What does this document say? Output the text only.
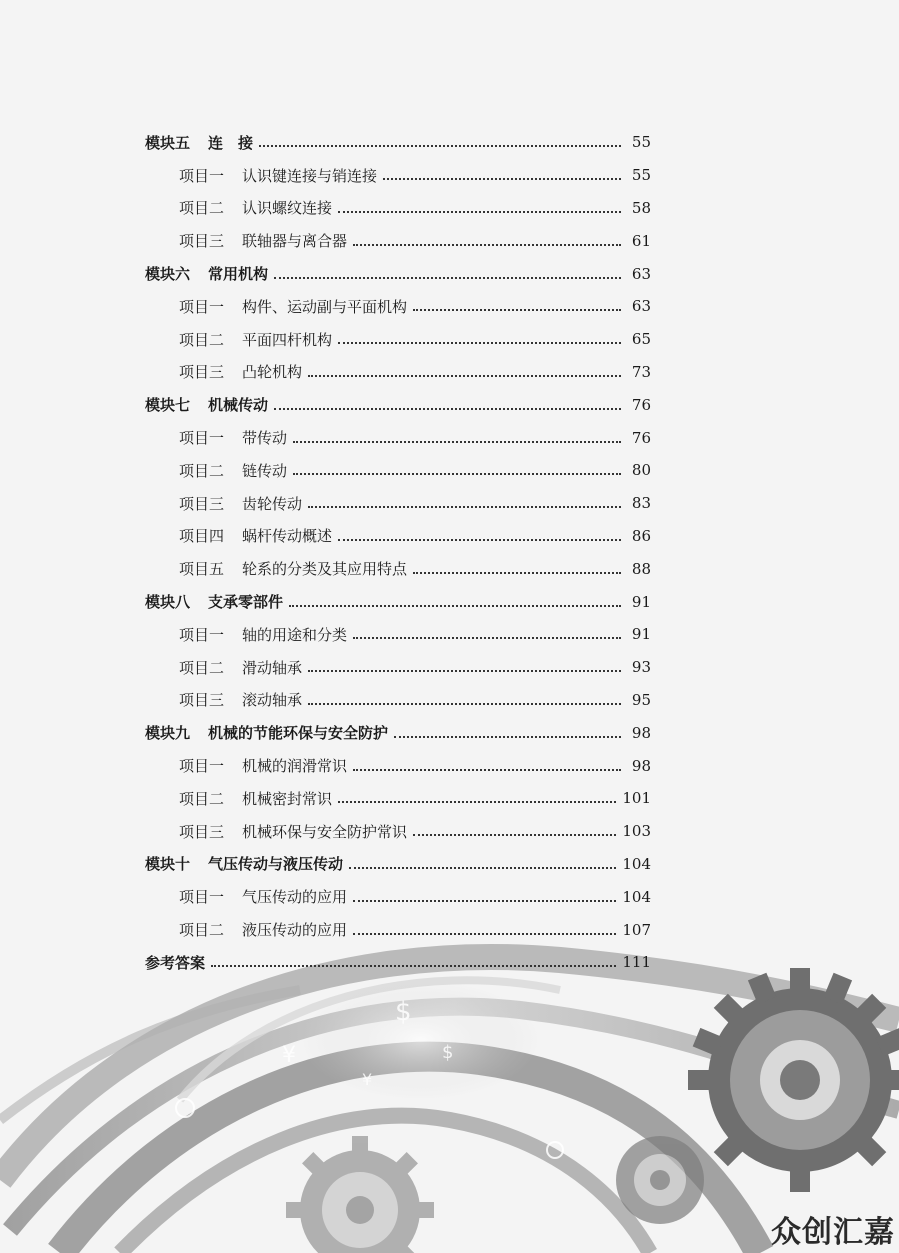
¥
$
¥
$
模块五 连　接	55
项目一 认识键连接与销连接	55
项目二 认识螺纹连接	58
项目三 联轴器与离合器	61
模块六 常用机构	63
项目一 构件、运动副与平面机构	63
项目二 平面四杆机构	65
项目三 凸轮机构	73
模块七 机械传动	76
项目一 带传动	76
项目二 链传动	80
项目三 齿轮传动	83
项目四 蜗杆传动概述	86
项目五 轮系的分类及其应用特点	88
模块八 支承零部件	91
项目一 轴的用途和分类	91
项目二 滑动轴承	93
项目三 滚动轴承	95
模块九 机械的节能环保与安全防护	98
项目一 机械的润滑常识	98
项目二 机械密封常识	101
项目三 机械环保与安全防护常识	103
模块十 气压传动与液压传动	104
项目一 气压传动的应用	104
项目二 液压传动的应用	107
参考答案	111
众创汇嘉
